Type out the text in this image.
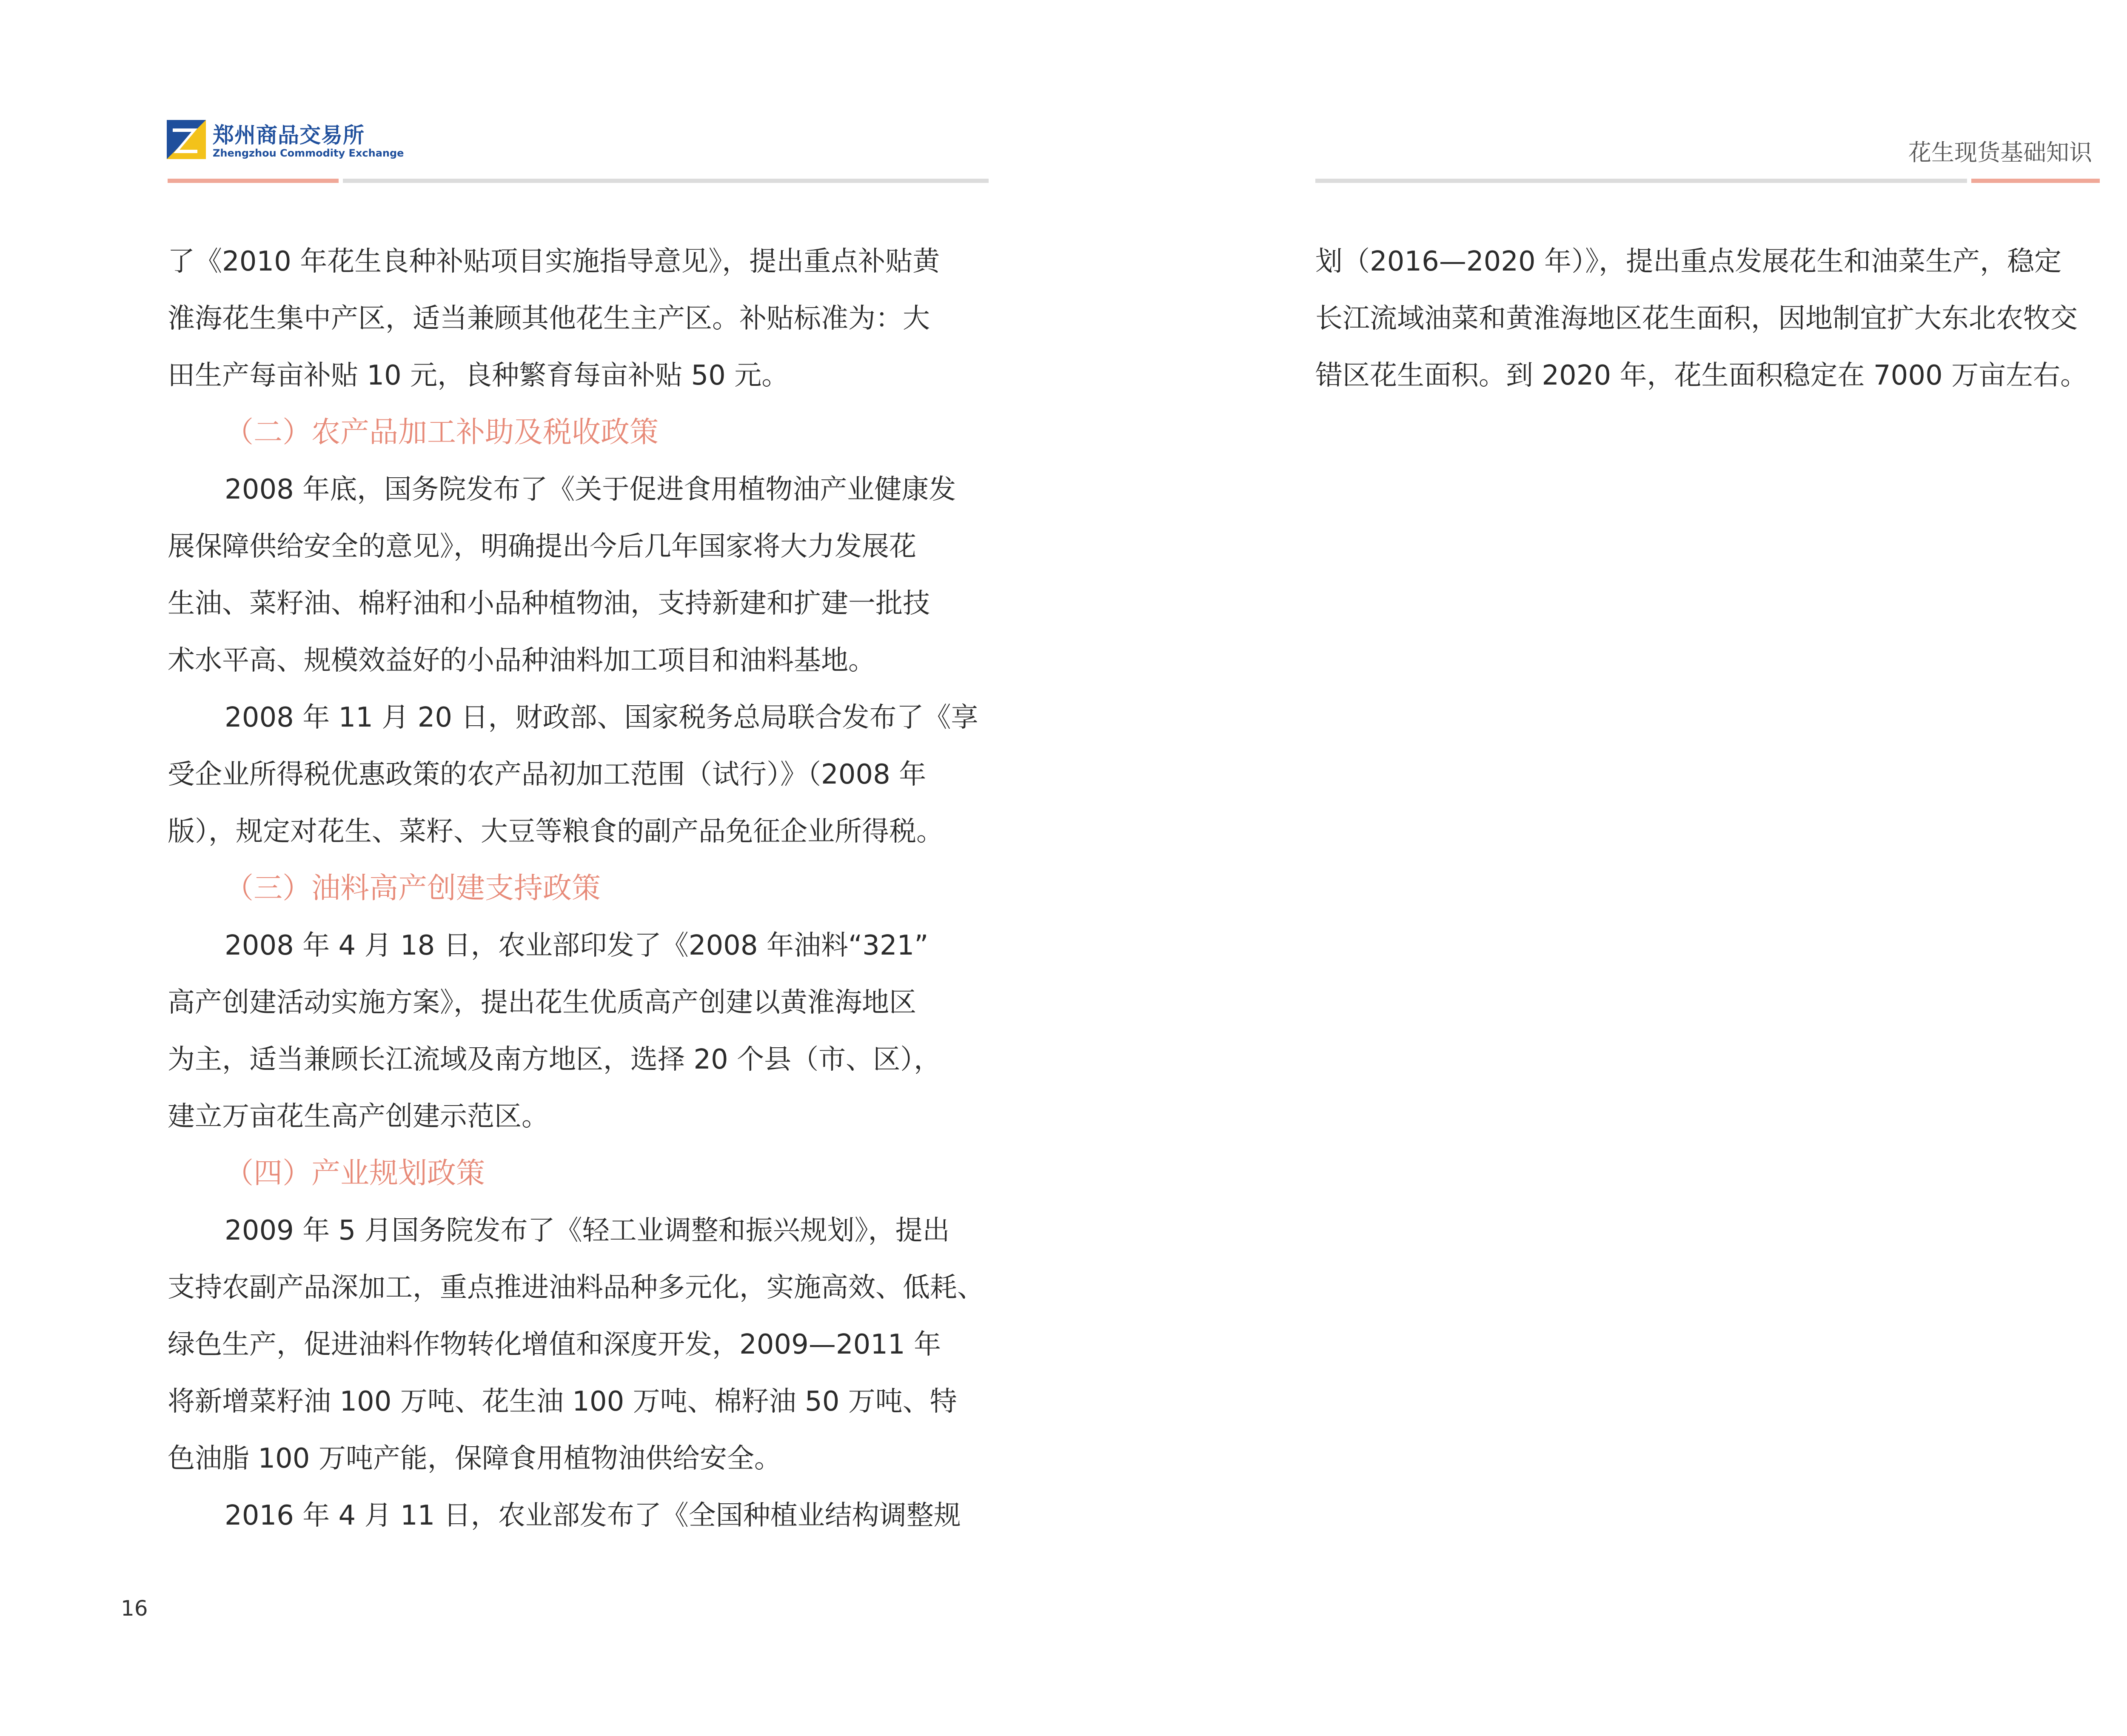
郑州商品交易所
Zhengzhou Commodity Exchange
了《2010 年花生良种补贴项目实施指导意见》，提出重点补贴黄
淮海花生集中产区，适当兼顾其他花生主产区。补贴标准为：大
田生产每亩补贴 10 元，良种繁育每亩补贴 50 元。
（二）农产品加工补助及税收政策
2008 年底，国务院发布了《关于促进食用植物油产业健康发
展保障供给安全的意见》，明确提出今后几年国家将大力发展花
生油、菜籽油、棉籽油和小品种植物油，支持新建和扩建一批技
术水平高、规模效益好的小品种油料加工项目和油料基地。
2008 年 11 月 20 日，财政部、国家税务总局联合发布了《享
受企业所得税优惠政策的农产品初加工范围（试行）》（2008 年
版），规定对花生、菜籽、大豆等粮食的副产品免征企业所得税。
（三）油料高产创建支持政策
2008 年 4 月 18 日，农业部印发了《2008 年油料“321”
高产创建活动实施方案》，提出花生优质高产创建以黄淮海地区
为主，适当兼顾长江流域及南方地区，选择 20 个县（市、区），
建立万亩花生高产创建示范区。
（四）产业规划政策
2009 年 5 月国务院发布了《轻工业调整和振兴规划》，提出
支持农副产品深加工，重点推进油料品种多元化，实施高效、低耗、
绿色生产，促进油料作物转化增值和深度开发，2009—2011 年
将新增菜籽油 100 万吨、花生油 100 万吨、棉籽油 50 万吨、特
色油脂 100 万吨产能，保障食用植物油供给安全。
2016 年 4 月 11 日，农业部发布了《全国种植业结构调整规
16
花生现货基础知识
划（2016—2020 年）》，提出重点发展花生和油菜生产，稳定
长江流域油菜和黄淮海地区花生面积，因地制宜扩大东北农牧交
错区花生面积。到 2020 年，花生面积稳定在 7000 万亩左右。
